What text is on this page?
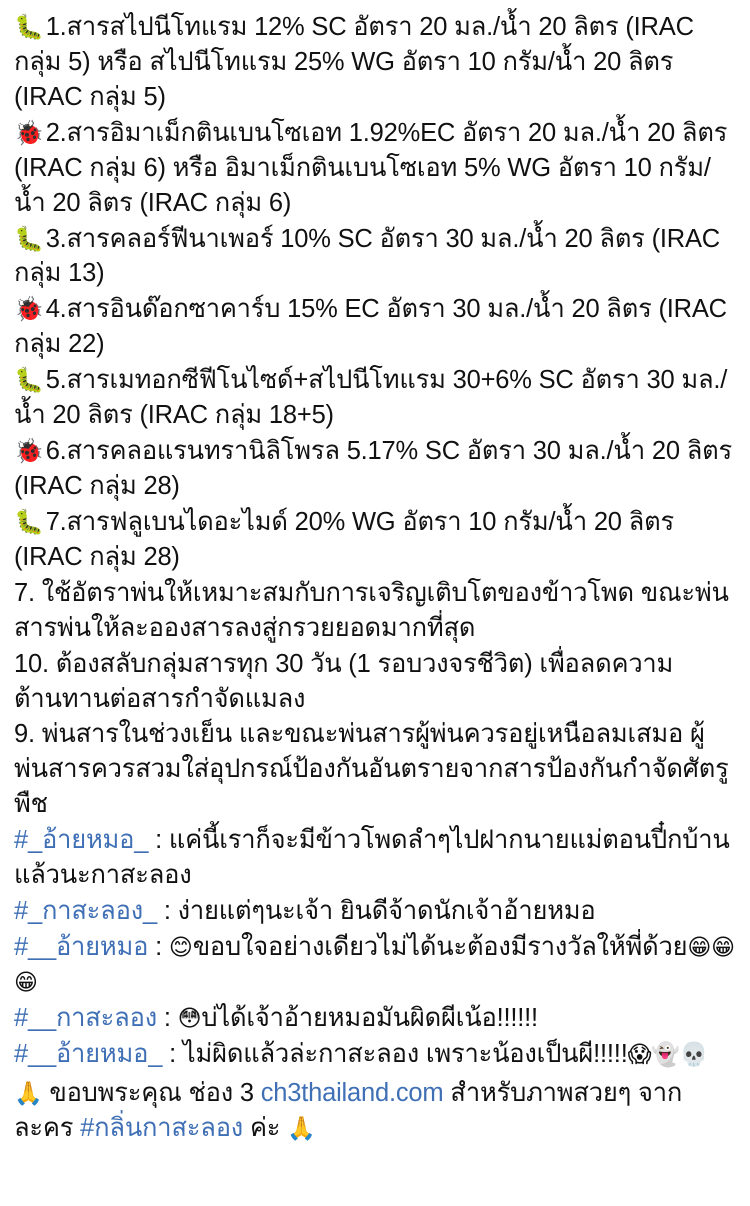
🐛1.สารสไปนีโทแรม 12% SC อัตรา 20 มล./น้ำ 20 ลิตร (IRAC กลุ่ม 5) หรือ สไปนีโทแรม 25% WG อัตรา 10 กรัม/น้ำ 20 ลิตร (IRAC กลุ่ม 5)

🐞2.สารอิมาเม็กตินเบนโซเอท 1.92%EC อัตรา 20 มล./น้ำ 20 ลิตร (IRAC กลุ่ม 6) หรือ อิมาเม็กตินเบนโซเอท 5% WG อัตรา 10 กรัม/น้ำ 20 ลิตร (IRAC กลุ่ม 6)

🐛3.สารคลอร์ฟีนาเพอร์ 10% SC อัตรา 30 มล./น้ำ 20 ลิตร (IRAC กลุ่ม 13)

🐞4.สารอินด๊อกซาคาร์บ 15% EC อัตรา 30 มล./น้ำ 20 ลิตร (IRAC กลุ่ม 22)

🐛5.สารเมทอกซีฟีโนไซด์+สไปนีโทแรม 30+6% SC อัตรา 30 มล./น้ำ 20 ลิตร (IRAC กลุ่ม 18+5)

🐞6.สารคลอแรนทรานิลิโพรล 5.17% SC อัตรา 30 มล./น้ำ 20 ลิตร (IRAC กลุ่ม 28)

🐛7.สารฟลูเบนไดอะไมด์ 20% WG อัตรา 10 กรัม/น้ำ 20 ลิตร (IRAC กลุ่ม 28)

7. ใช้อัตราพ่นให้เหมาะสมกับการเจริญเติบโตของข้าวโพด ขณะพ่นสารพ่นให้ละอองสารลงสู่กรวยยอดมากที่สุด

10. ต้องสลับกลุ่มสารทุก 30 วัน (1 รอบวงจรชีวิต) เพื่อลดความต้านทานต่อสารกำจัดแมลง

9. พ่นสารในช่วงเย็น และขณะพ่นสารผู้พ่นควรอยู่เหนือลมเสมอ ผู้พ่นสารควรสวมใส่อุปกรณ์ป้องกันอันตรายจากสารป้องกันกำจัดศัตรูพืช

#_อ้ายหมอ_ : แค่นี้เราก็จะมีข้าวโพดลำๆไปฝากนายแม่ตอนปี๋กบ้านแล้วนะกาสะลอง

#_กาสะลอง_ : ง่ายแต่ๆนะเจ้า ยินดีจ้าดนักเจ้าอ้ายหมอ

#__อ้ายหมอ : 😊ขอบใจอย่างเดียวไม่ได้นะต้องมีรางวัลให้พี่ด้วย😁😁😁

#__กาสะลอง : 😳บ่ได้เจ้าอ้ายหมอมันผิดผีเน้อ!!!!!!

#__อ้ายหมอ_ : ไม่ผิดแล้วล่ะกาสะลอง เพราะน้องเป็นผี!!!!!😱👻💀

🙏 ขอบพระคุณ ช่อง 3 ch3thailand.com สำหรับภาพสวยๆ จากละคร #กลิ่นกาสะลอง ค่ะ 🙏
